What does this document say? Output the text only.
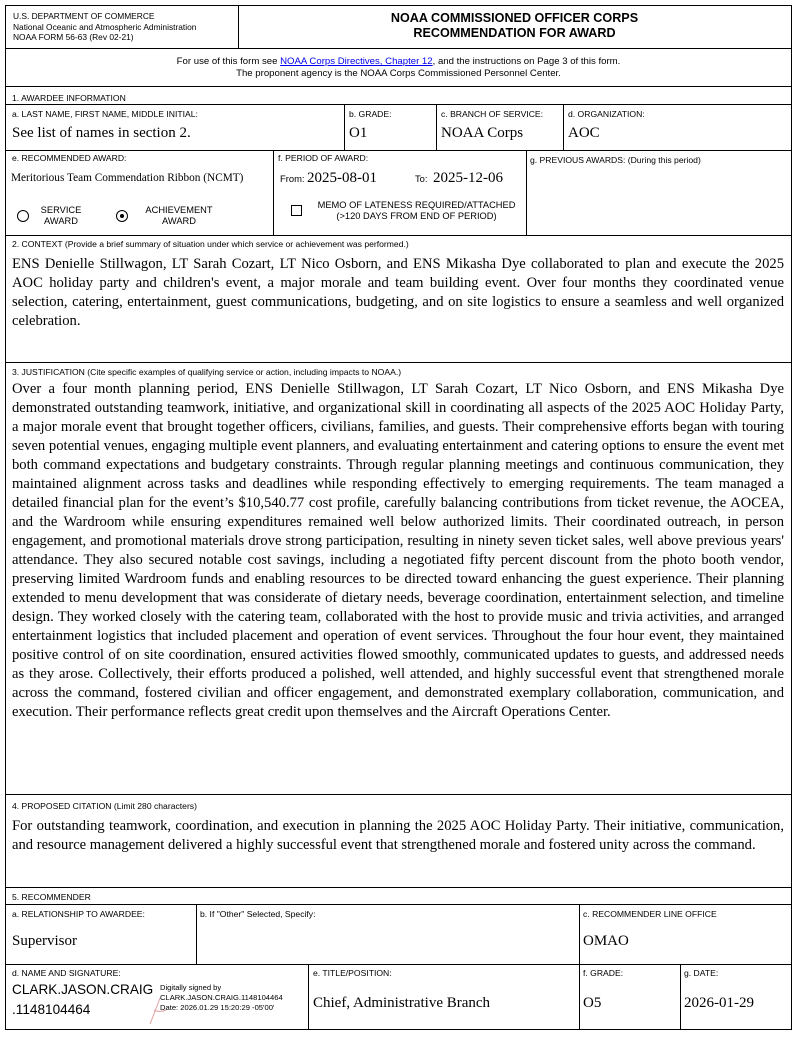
U.S. DEPARTMENT OF COMMERCE
National Oceanic and Atmospheric Administration
NOAA FORM 56-63 (Rev 02-21)
NOAA COMMISSIONED OFFICER CORPS
RECOMMENDATION FOR AWARD
For use of this form see NOAA Corps Directives, Chapter 12, and the instructions on Page 3 of this form.
The proponent agency is the NOAA Corps Commissioned Personnel Center.
1. AWARDEE INFORMATION
a. LAST NAME, FIRST NAME, MIDDLE INITIAL:
See list of names in section 2.
b. GRADE:
O1
c. BRANCH OF SERVICE:
NOAA Corps
d. ORGANIZATION:
AOC
e. RECOMMENDED AWARD:
Meritorious Team Commendation Ribbon (NCMT)
SERVICE
AWARD
ACHIEVEMENT
AWARD
f. PERIOD OF AWARD:
From: 2025-08-01	To: 2025-12-06
MEMO OF LATENESS REQUIRED/ATTACHED
(>120 DAYS FROM END OF PERIOD)
g. PREVIOUS AWARDS: (During this period)
2. CONTEXT (Provide a brief summary of situation under which service or achievement was performed.)
ENS Denielle Stillwagon, LT Sarah Cozart, LT Nico Osborn, and ENS Mikasha Dye collaborated to plan and execute the 2025 AOC holiday party and children's event, a major morale and team building event. Over four months they coordinated venue selection, catering, entertainment, guest communications, budgeting, and on site logistics to ensure a seamless and well organized celebration.
3. JUSTIFICATION (Cite specific examples of qualifying service or action, including impacts to NOAA.)
Over a four month planning period, ENS Denielle Stillwagon, LT Sarah Cozart, LT Nico Osborn, and ENS Mikasha Dye demonstrated outstanding teamwork, initiative, and organizational skill in coordinating all aspects of the 2025 AOC Holiday Party, a major morale event that brought together officers, civilians, families, and guests. Their comprehensive efforts began with touring seven potential venues, engaging multiple event planners, and evaluating entertainment and catering options to ensure the event met both command expectations and budgetary constraints. Through regular planning meetings and continuous communication, they maintained alignment across tasks and deadlines while responding effectively to emerging requirements. The team managed a detailed financial plan for the event’s $10,540.77 cost profile, carefully balancing contributions from ticket revenue, the AOCEA, and the Wardroom while ensuring expenditures remained well below authorized limits. Their coordinated outreach, in person engagement, and promotional materials drove strong participation, resulting in ninety seven ticket sales, well above previous years' attendance. They also secured notable cost savings, including a negotiated fifty percent discount from the photo booth vendor, preserving limited Wardroom funds and enabling resources to be directed toward enhancing the guest experience. Their planning extended to menu development that was considerate of dietary needs, beverage coordination, entertainment selection, and timeline design. They worked closely with the catering team, collaborated with the host to provide music and trivia activities, and arranged entertainment logistics that included placement and operation of event services. Throughout the four hour event, they maintained positive control of on site coordination, ensured activities flowed smoothly, communicated updates to guests, and addressed needs as they arose. Collectively, their efforts produced a polished, well attended, and highly successful event that strengthened morale across the command, fostered civilian and officer engagement, and demonstrated exemplary collaboration, communication, and execution. Their performance reflects great credit upon themselves and the Aircraft Operations Center.
4. PROPOSED CITATION (Limit 280 characters)
For outstanding teamwork, coordination, and execution in planning the 2025 AOC Holiday Party. Their initiative, communication, and resource management delivered a highly successful event that strengthened morale and fostered unity across the command.
5. RECOMMENDER
a. RELATIONSHIP TO AWARDEE:
Supervisor
b. If "Other" Selected, Specify:	c. RECOMMENDER LINE OFFICE
OMAO
d. NAME AND SIGNATURE:
CLARK.JASON.CRAIG
.1148104464
Digitally signed by
CLARK.JASON.CRAIG.1148104464
Date: 2026.01.29 15:20:29 -05'00'
e. TITLE/POSITION:
Chief, Administrative Branch
f. GRADE:
O5
g. DATE:
2026-01-29
